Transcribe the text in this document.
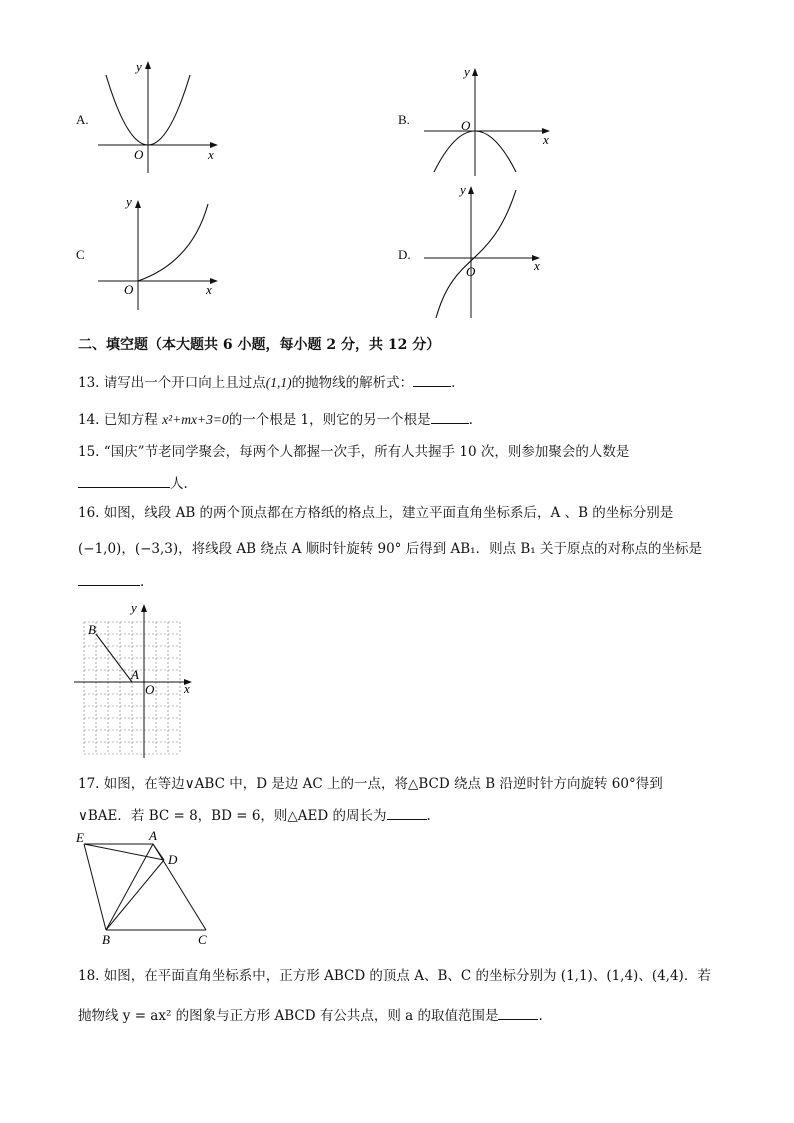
A.
y
x
O
B.
y
x
O
C
y
x
O
D.
y
x
O
二、填空题（本大题共 6 小题，每小题 2 分，共 12 分）
13. 请写出一个开口向上且过点(1,1)的抛物线的解析式：	.
14. 已知方程 x²+mx+3=0的一个根是 1，则它的另一个根是	.
15. “国庆”节老同学聚会，每两个人都握一次手，所有人共握手 10 次，则参加聚会的人数是
人.
16. 如图，线段 AB 的两个顶点都在方格纸的格点上，建立平面直角坐标系后，A 、B 的坐标分别是
(−1,0)，(−3,3)，将线段 AB 绕点 A 顺时针旋转 90° 后得到 AB₁．则点 B₁ 关于原点的对称点的坐标是
.
B
A
O x
y
17. 如图，在等边∨ABC 中，D 是边 AC 上的一点，将△BCD 绕点 B 沿逆时针方向旋转 60°得到
∨BAE．若 BC = 8，BD = 6，则△AED 的周长为	.
E	A
D
B	C
18. 如图，在平面直角坐标系中，正方形 ABCD 的顶点 A、B、C 的坐标分别为 (1,1)、(1,4)、(4,4)．若
抛物线 y = ax² 的图象与正方形 ABCD 有公共点，则 a 的取值范围是	.
